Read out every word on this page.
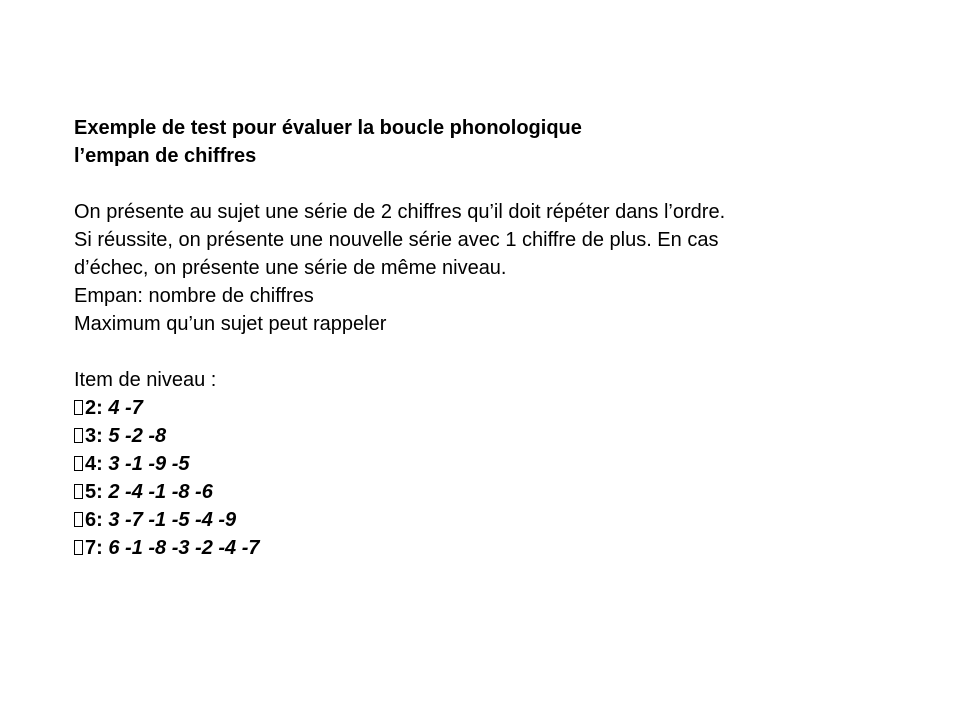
Exemple de test pour évaluer la boucle phonologique
l’empan de chiffres
On présente au sujet une série de 2 chiffres qu’il doit répéter dans l’ordre.
Si réussite, on présente une nouvelle série avec 1 chiffre de plus. En cas
d’échec, on présente une série de même niveau.
Empan: nombre de chiffres
Maximum qu’un sujet peut rappeler
Item de niveau :
2: 4 -7
3: 5 -2 -8
4: 3 -1 -9 -5
5: 2 -4 -1 -8 -6
6: 3 -7 -1 -5 -4 -9
7: 6 -1 -8 -3 -2 -4 -7
